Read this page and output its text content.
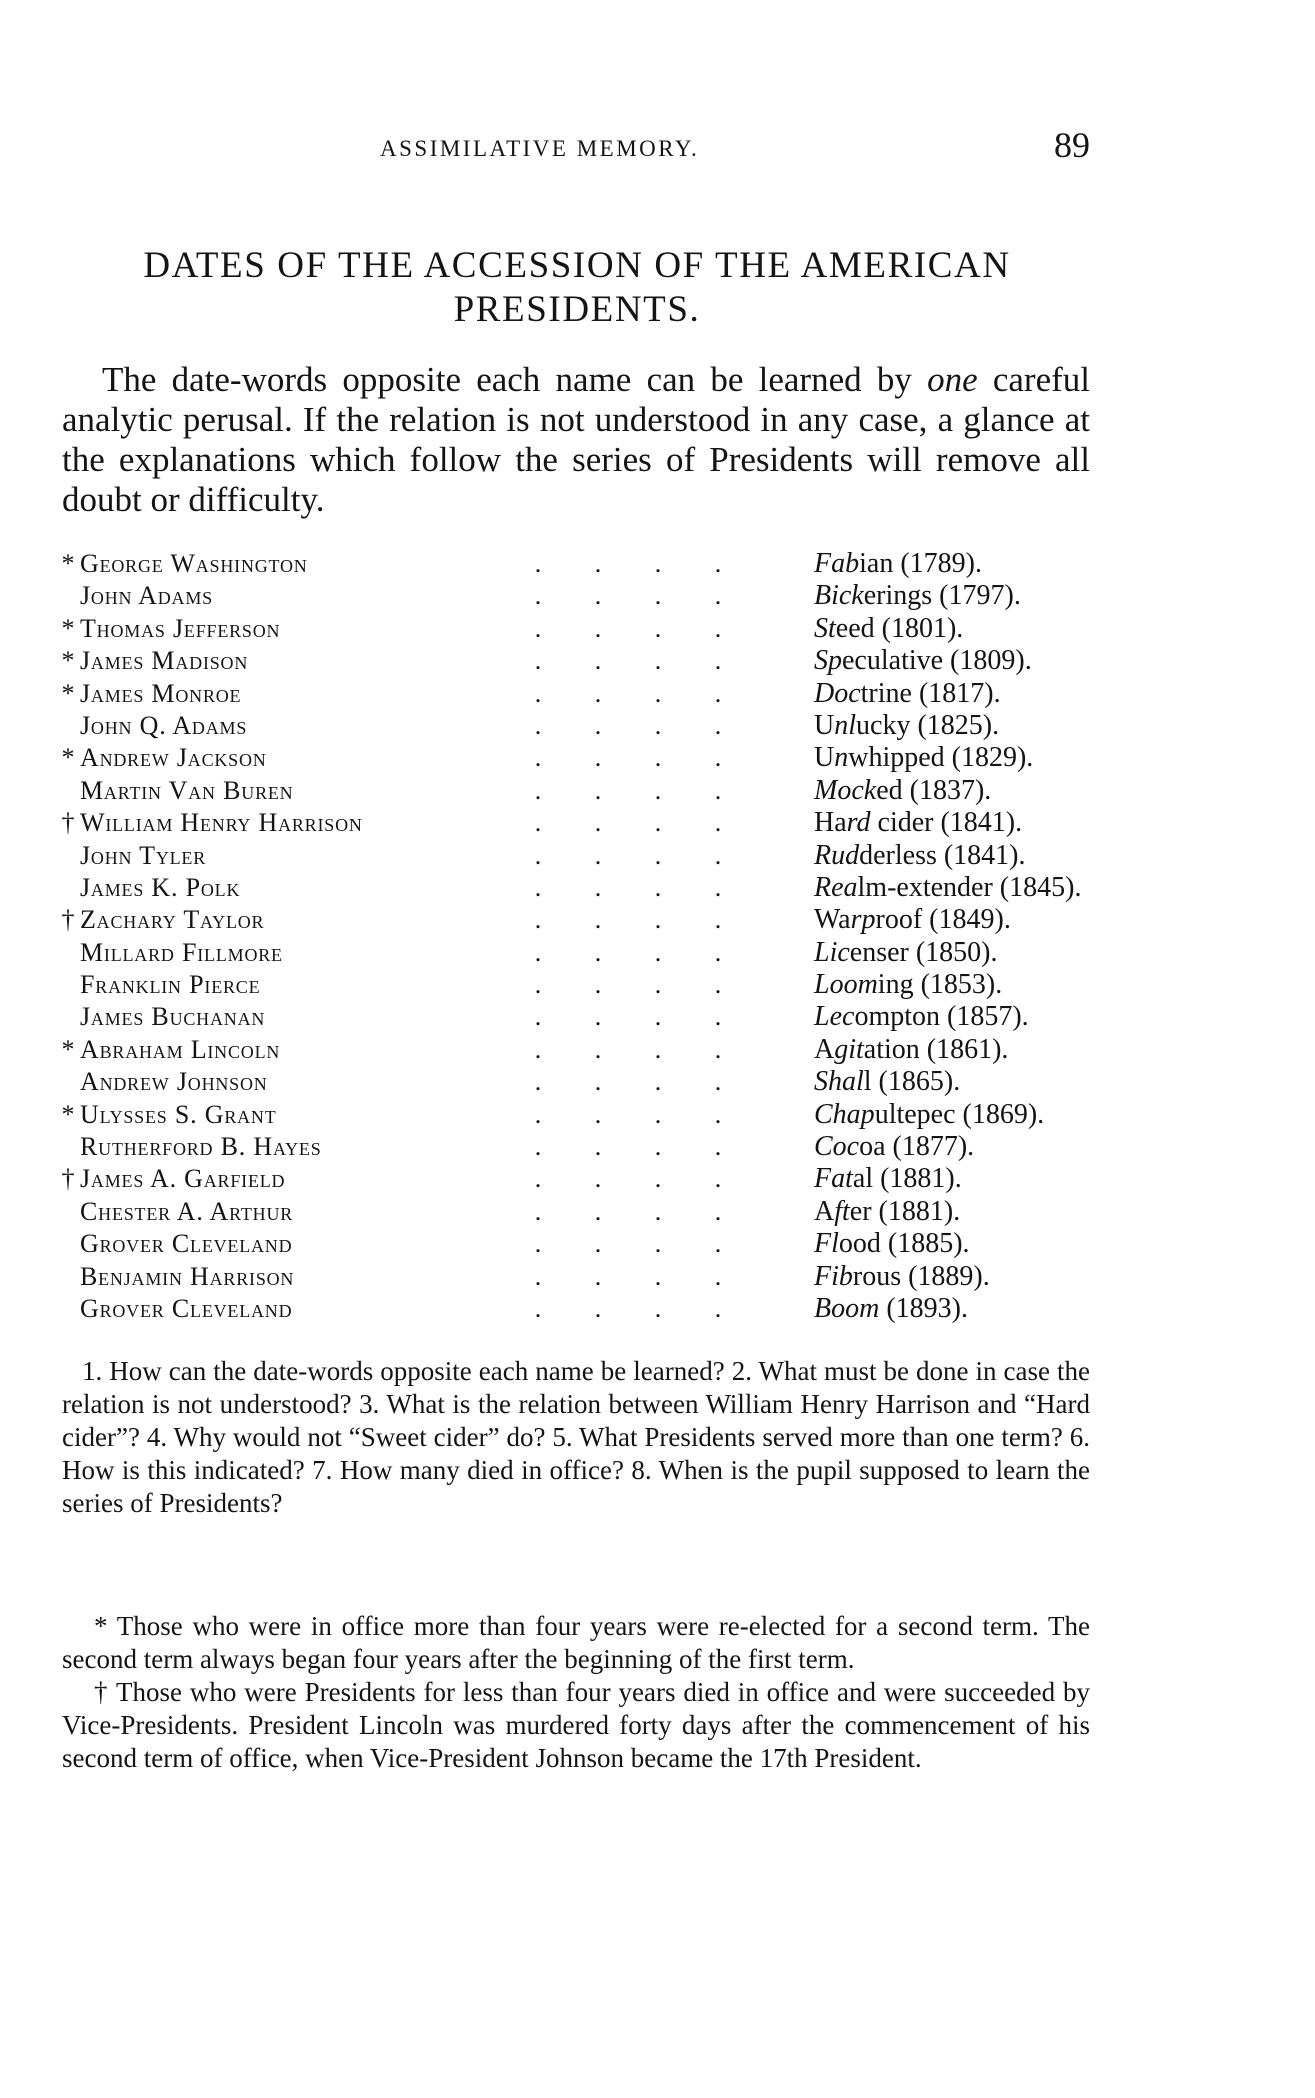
ASSIMILATIVE MEMORY.	89
DATES OF THE ACCESSION OF THE AMERICAN PRESIDENTS.

The date-words opposite each name can be learned by one careful analytic perusal. If the relation is not understood in any case, a glance at the explanations which follow the series of Presidents will remove all doubt or difficulty.

* George Washington	. . . .	Fabian (1789).
John Adams	. . . .	Bickerings (1797).
* Thomas Jefferson	. . . .	Steed (1801).
* James Madison	. . . .	Speculative (1809).
* James Monroe	. . . .	Doctrine (1817).
John Q. Adams	. . . .	Unlucky (1825).
* Andrew Jackson	. . . .	Unwhipped (1829).
Martin Van Buren	. . . .	Mocked (1837).
† William Henry Harrison	. . . .	Hard cider (1841).
John Tyler	. . . .	Rudderless (1841).
James K. Polk	. . . .	Realm-extender (1845).
† Zachary Taylor	. . . .	Warproof (1849).
Millard Fillmore	. . . .	Licenser (1850).
Franklin Pierce	. . . .	Looming (1853).
James Buchanan	. . . .	Lecompton (1857).
* Abraham Lincoln	. . . .	Agitation (1861).
Andrew Johnson	. . . .	Shall (1865).
* Ulysses S. Grant	. . . .	Chapultepec (1869).
Rutherford B. Hayes	. . . .	Cocoa (1877).
† James A. Garfield	. . . .	Fatal (1881).
Chester A. Arthur	. . . .	After (1881).
Grover Cleveland	. . . .	Flood (1885).
Benjamin Harrison	. . . .	Fibrous (1889).
Grover Cleveland	. . . .	Boom (1893).

1. How can the date-words opposite each name be learned? 2. What must be done in case the relation is not understood? 3. What is the relation between William Henry Harrison and “Hard cider”? 4. Why would not “Sweet cider” do? 5. What Presidents served more than one term? 6. How is this indicated? 7. How many died in office? 8. When is the pupil supposed to learn the series of Presidents?

* Those who were in office more than four years were re-elected for a second term. The second term always began four years after the beginning of the first term.

† Those who were Presidents for less than four years died in office and were succeeded by Vice-Presidents. President Lincoln was murdered forty days after the commencement of his second term of office, when Vice-President Johnson became the 17th President.
